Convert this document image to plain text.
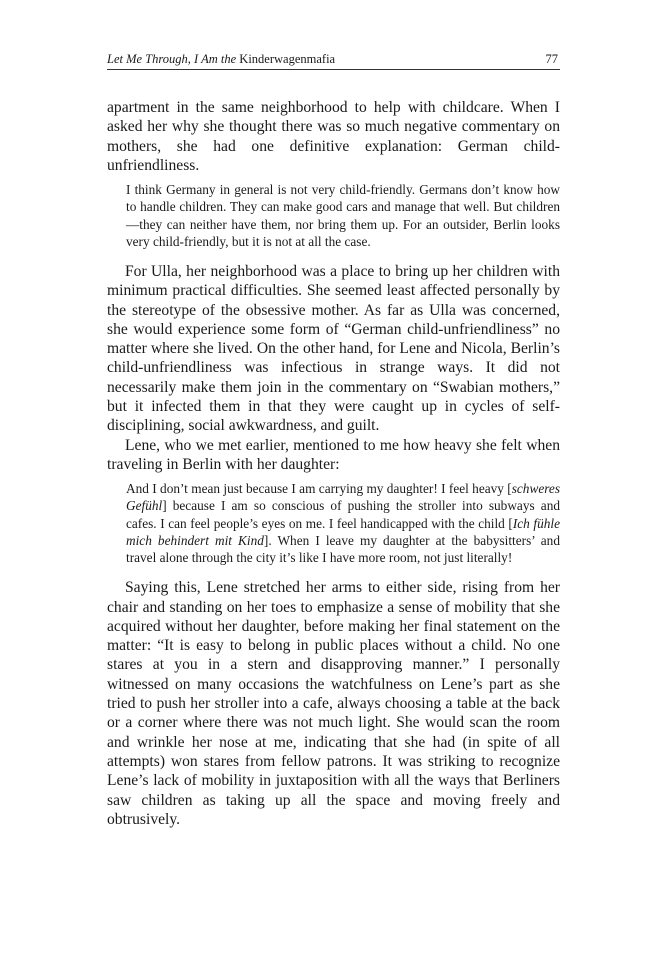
Let Me Through, I Am the Kinderwagenmafia	77

apartment in the same neighborhood to help with childcare. When I asked her why she thought there was so much negative commentary on mothers, she had one definitive explanation: German child-unfriendliness.

I think Germany in general is not very child-friendly. Germans don’t know how to handle children. They can make good cars and manage that well. But children—they can neither have them, nor bring them up. For an outsider, Berlin looks very child-friendly, but it is not at all the case.

For Ulla, her neighborhood was a place to bring up her children with minimum practical difficulties. She seemed least affected personally by the stereotype of the obsessive mother. As far as Ulla was concerned, she would experience some form of “German child-unfriendliness” no matter where she lived. On the other hand, for Lene and Nicola, Berlin’s child-unfriendliness was infectious in strange ways. It did not necessarily make them join in the commentary on “Swabian mothers,” but it infected them in that they were caught up in cycles of self-disciplining, social awkwardness, and guilt.

Lene, who we met earlier, mentioned to me how heavy she felt when traveling in Berlin with her daughter:

And I don’t mean just because I am carrying my daughter! I feel heavy [schweres Gefühl] because I am so conscious of pushing the stroller into subways and cafes. I can feel people’s eyes on me. I feel handicapped with the child [Ich fühle mich behindert mit Kind]. When I leave my daughter at the babysitters’ and travel alone through the city it’s like I have more room, not just literally!

Saying this, Lene stretched her arms to either side, rising from her chair and standing on her toes to emphasize a sense of mobility that she acquired without her daughter, before making her final statement on the matter: “It is easy to belong in public places without a child. No one stares at you in a stern and disapproving manner.” I personally witnessed on many occasions the watchfulness on Lene’s part as she tried to push her stroller into a cafe, always choosing a table at the back or a corner where there was not much light. She would scan the room and wrinkle her nose at me, indicating that she had (in spite of all attempts) won stares from fellow patrons. It was striking to recognize Lene’s lack of mobility in juxtaposition with all the ways that Berliners saw children as taking up all the space and moving freely and obtrusively.
